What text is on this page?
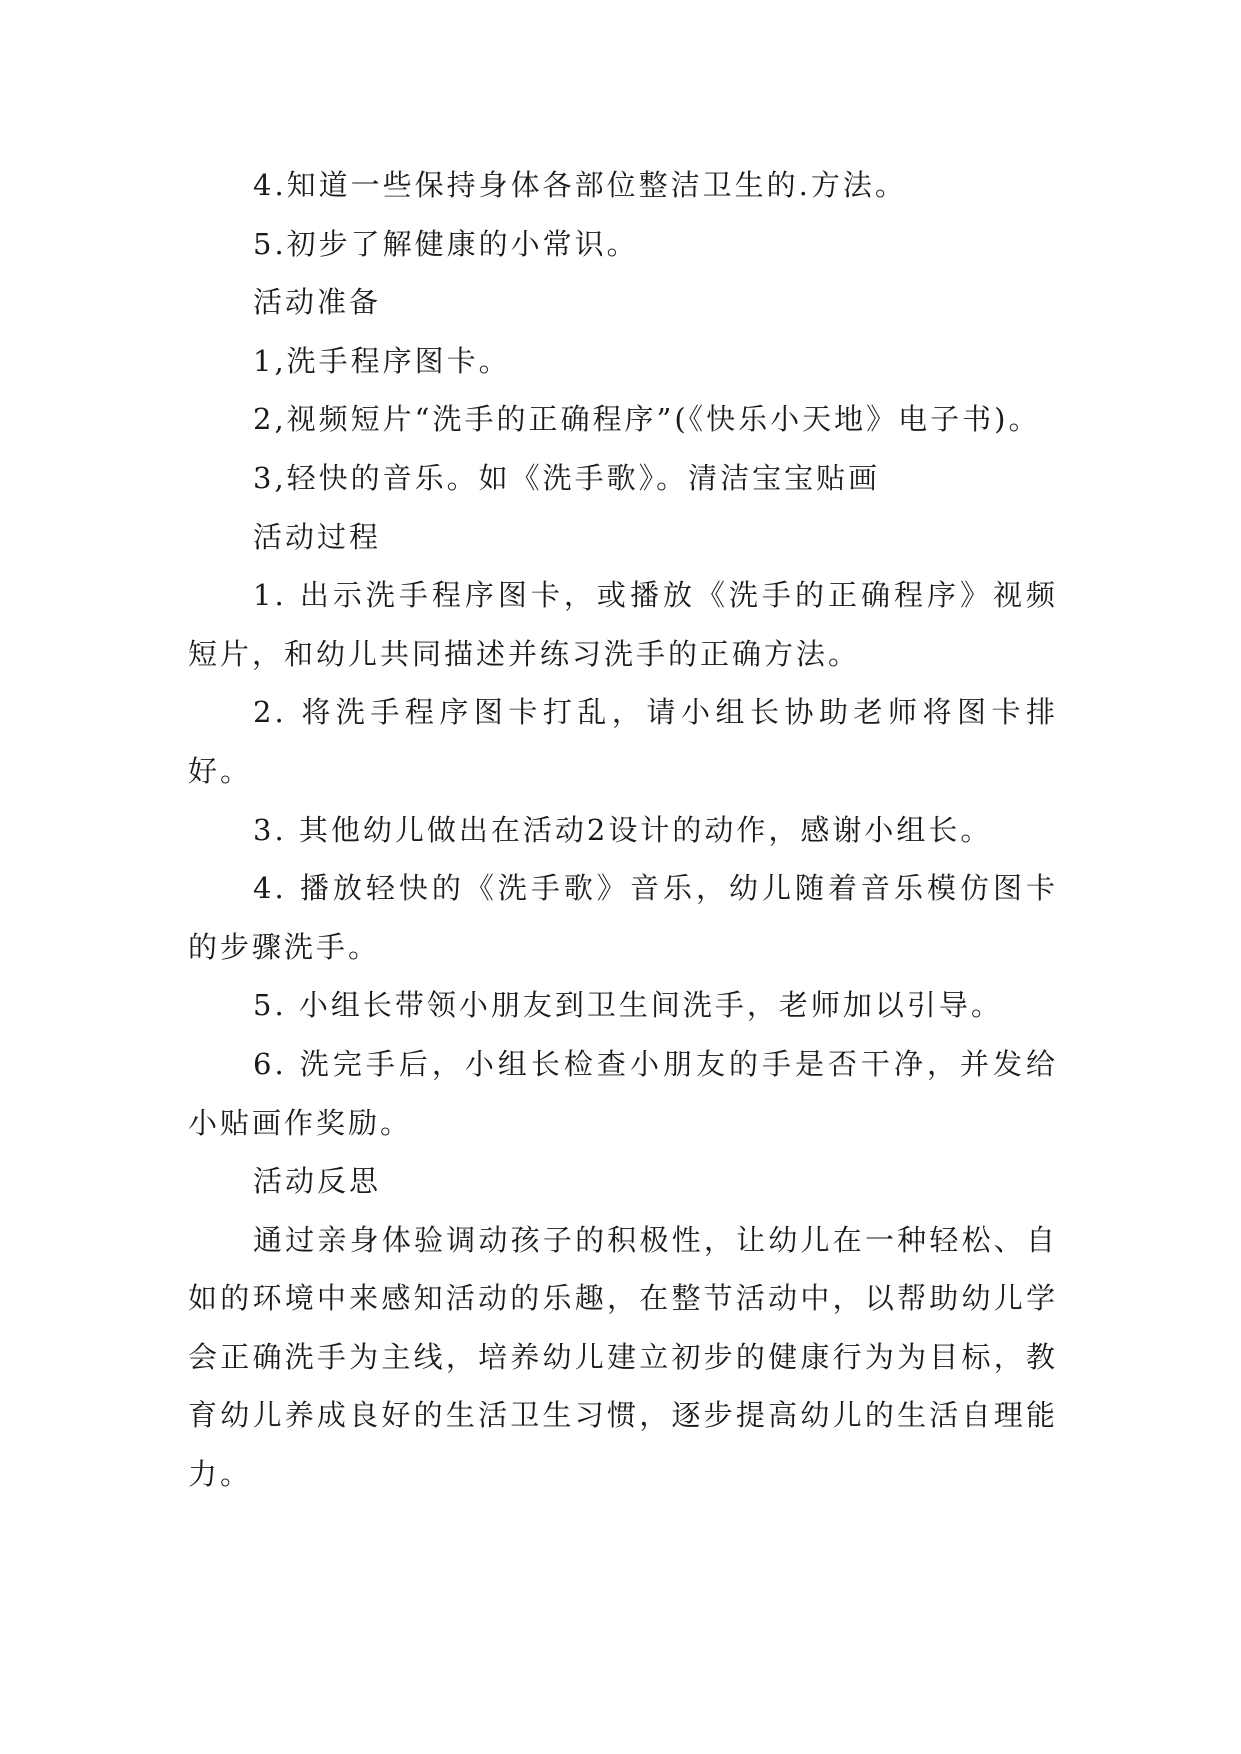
4.知道一些保持身体各部位整洁卫生的.方法。

5.初步了解健康的小常识。

活动准备

1,洗手程序图卡。

2,视频短片“洗手的正确程序”(《快乐小天地》电子书)。

3,轻快的音乐。如《洗手歌》。清洁宝宝贴画

活动过程

1. 出示洗手程序图卡，或播放《洗手的正确程序》视频短片，和幼儿共同描述并练习洗手的正确方法。

2. 将洗手程序图卡打乱，请小组长协助老师将图卡排好。

3. 其他幼儿做出在活动2设计的动作，感谢小组长。

4. 播放轻快的《洗手歌》音乐，幼儿随着音乐模仿图卡的步骤洗手。

5. 小组长带领小朋友到卫生间洗手，老师加以引导。

6. 洗完手后，小组长检查小朋友的手是否干净，并发给小贴画作奖励。

活动反思

通过亲身体验调动孩子的积极性，让幼儿在一种轻松、自如的环境中来感知活动的乐趣，在整节活动中，以帮助幼儿学会正确洗手为主线，培养幼儿建立初步的健康行为为目标，教育幼儿养成良好的生活卫生习惯，逐步提高幼儿的生活自理能力。
